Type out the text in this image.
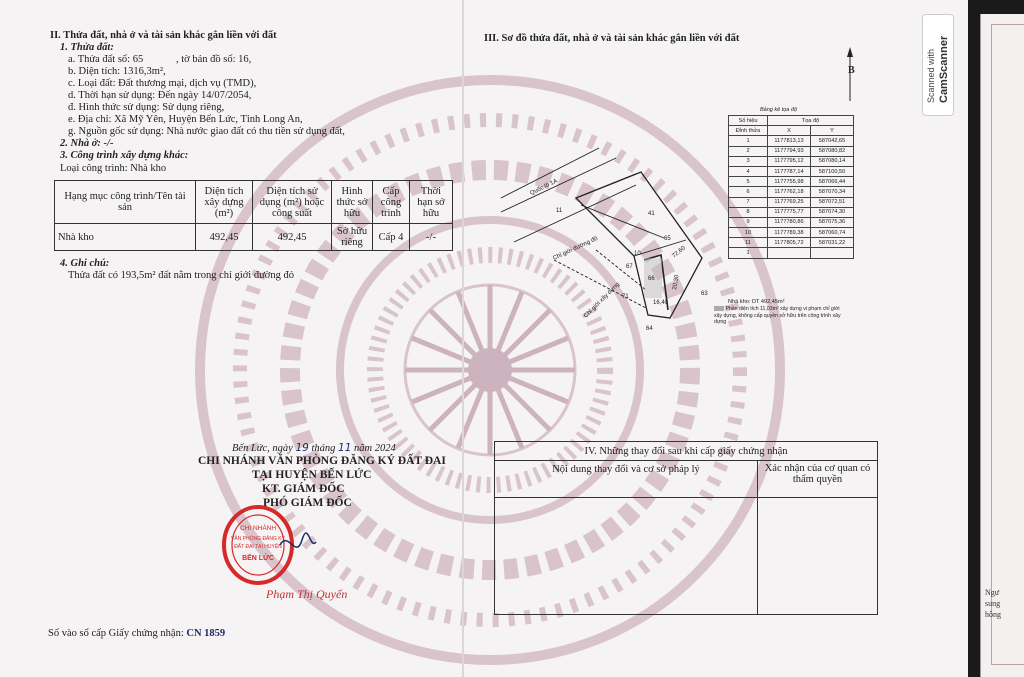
II. Thửa đất, nhà ở và tài sản khác gắn liền với đất
1. Thửa đất:
a. Thửa đất số: 65	, tờ bản đồ số: 16,
b. Diện tích: 1316,3m²,
c. Loại đất: Đất thương mại, dịch vụ (TMD),
d. Thời hạn sử dụng: Đến ngày 14/07/2054,
đ. Hình thức sử dụng: Sử dụng riêng,
e. Địa chỉ: Xã Mỹ Yên, Huyện Bến Lức, Tỉnh Long An,
g. Nguồn gốc sử dụng: Nhà nước giao đất có thu tiền sử dụng đất,
2. Nhà ở: -/-
3. Công trình xây dựng khác:
Loại công trình: Nhà kho
Hạng mục công trình/Tên tài sản	Diện tích xây dựng (m²)	Diện tích sử dụng (m²) hoặc công suất	Hình thức sở hữu	Cấp công trình	Thời hạn sở hữu
Nhà kho	492,45	492,45	Sở hữu riêng	Cấp 4	-/-
4. Ghi chú:
Thửa đất có 193,5m² đất nằm trong chỉ giới đường đỏ
Bến Lức, ngày 19 tháng 11 năm 2024
CHI NHÁNH VĂN PHÒNG ĐĂNG KÝ ĐẤT ĐAI
TẠI HUYỆN BẾN LỨC
KT. GIÁM ĐỐC
PHÓ GIÁM ĐỐC
CHI NHÁNH
VĂN PHÒNG ĐĂNG KÝ
ĐẤT ĐAI TẠI HUYỆN
BẾN LỨC
Phạm Thị Quyến
Số vào sổ cấp Giấy chứng nhận: CN 1859
III. Sơ đồ thửa đất, nhà ở và tài sản khác gắn liền với đất
B
Quốc lộ 1A
Chỉ giới đường đỏ
Chỉ giới xây dựng
65
41
10
67
66
71
64
63
11
72,60
16,40
20,30
Bảng kê tọa độ
Số hiệu	Tọa độ	
Đỉnh thửa	X	Y
1	1177813,13	587042,65
2	1177794,93	587080,82
3	1177795,12	587080,14
4	1177787,14	587100,50
5	1177755,98	587066,44
6	1177762,18	587070,34
7	1177769,25	587072,51
8	1177775,77	587074,30
9	1177780,86	587075,36
10	1177789,38	587060,74
11	1177805,72	587031,22
1		
Nhà kho: DT 492,45m²
Phần diện tích 11,03m² xây dựng vi phạm chỉ giới xây dựng, không cấp quyền sở hữu trên công trình xây dựng
IV. Những thay đổi sau khi cấp giấy chứng nhận	
Nội dung thay đổi và cơ sở pháp lý	Xác nhận của cơ quan có thẩm quyền

Scanned with CamScanner
Ngư
sung
hông
